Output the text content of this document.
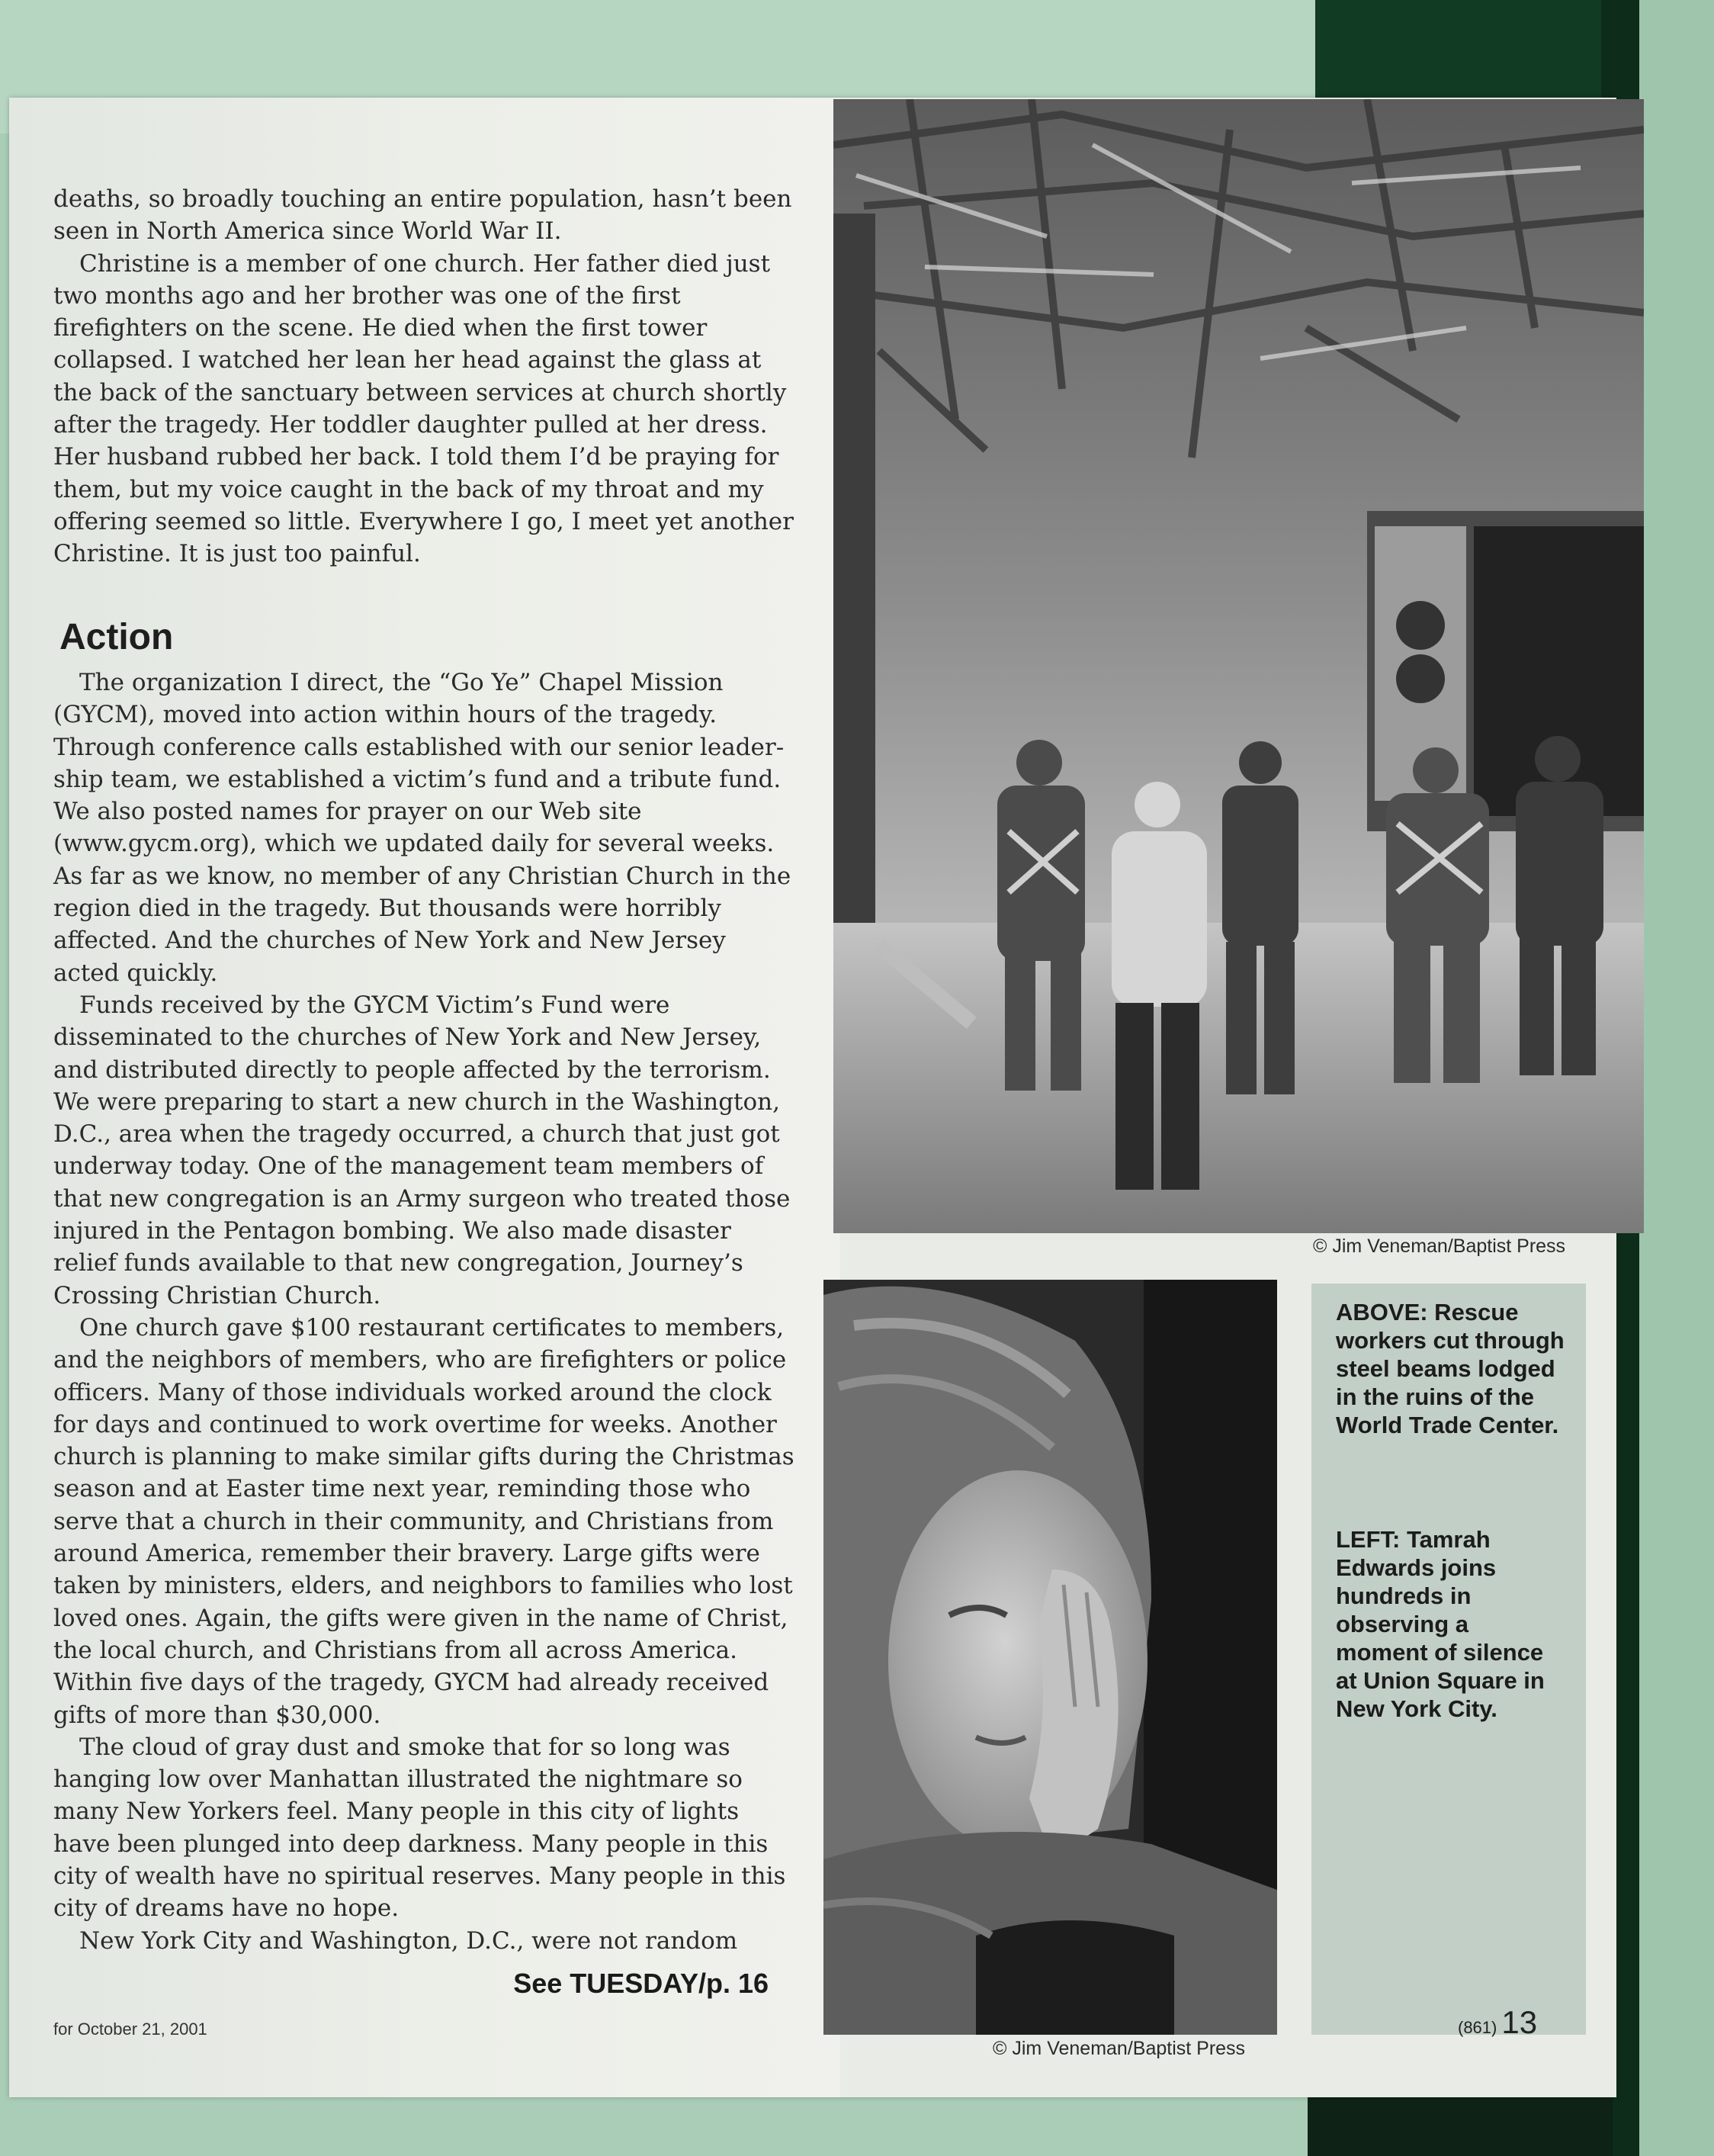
deaths, so broadly touching an entire population, hasn’t been seen in North America since World War II.

Christine is a member of one church. Her father died just two months ago and her brother was one of the first firefighters on the scene. He died when the first tower collapsed. I watched her lean her head against the glass at the back of the sanctuary between services at church shortly after the tragedy. Her toddler daughter pulled at her dress. Her husband rubbed her back. I told them I’d be praying for them, but my voice caught in the back of my throat and my offering seemed so little. Everywhere I go, I meet yet another Christine. It is just too painful.

Action

The organization I direct, the “Go Ye” Chapel Mission (GYCM), moved into action within hours of the tragedy. Through conference calls established with our senior leader-ship team, we established a victim’s fund and a tribute fund. We also posted names for prayer on our Web site (www.gycm.org), which we updated daily for several weeks. As far as we know, no member of any Christian Church in the region died in the tragedy. But thousands were horribly affected. And the churches of New York and New Jersey acted quickly.

Funds received by the GYCM Victim’s Fund were disseminated to the churches of New York and New Jersey, and distributed directly to people affected by the terrorism. We were preparing to start a new church in the Washington, D.C., area when the tragedy occurred, a church that just got underway today. One of the management team members of that new congregation is an Army surgeon who treated those injured in the Pentagon bombing. We also made disaster relief funds available to that new congregation, Journey’s Crossing Christian Church.

One church gave $100 restaurant certificates to members, and the neighbors of members, who are firefighters or police officers. Many of those individuals worked around the clock for days and continued to work overtime for weeks. Another church is planning to make similar gifts during the Christmas season and at Easter time next year, reminding those who serve that a church in their community, and Christians from around America, remember their bravery. Large gifts were taken by ministers, elders, and neighbors to families who lost loved ones. Again, the gifts were given in the name of Christ, the local church, and Christians from all across America. Within five days of the tragedy, GYCM had already received gifts of more than $30,000.

The cloud of gray dust and smoke that for so long was hanging low over Manhattan illustrated the nightmare so many New Yorkers feel. Many people in this city of lights have been plunged into deep darkness. Many people in this city of wealth have no spiritual reserves. Many people in this city of dreams have no hope.

New York City and Washington, D.C., were not random

See TUESDAY/p. 16
© Jim Veneman/Baptist Press
© Jim Veneman/Baptist Press
ABOVE: Rescue workers cut through steel beams lodged in the ruins of the World Trade Center.
LEFT: Tamrah Edwards joins hundreds in observing a moment of silence at Union Square in New York City.
for October 21, 2001	(861) 13
